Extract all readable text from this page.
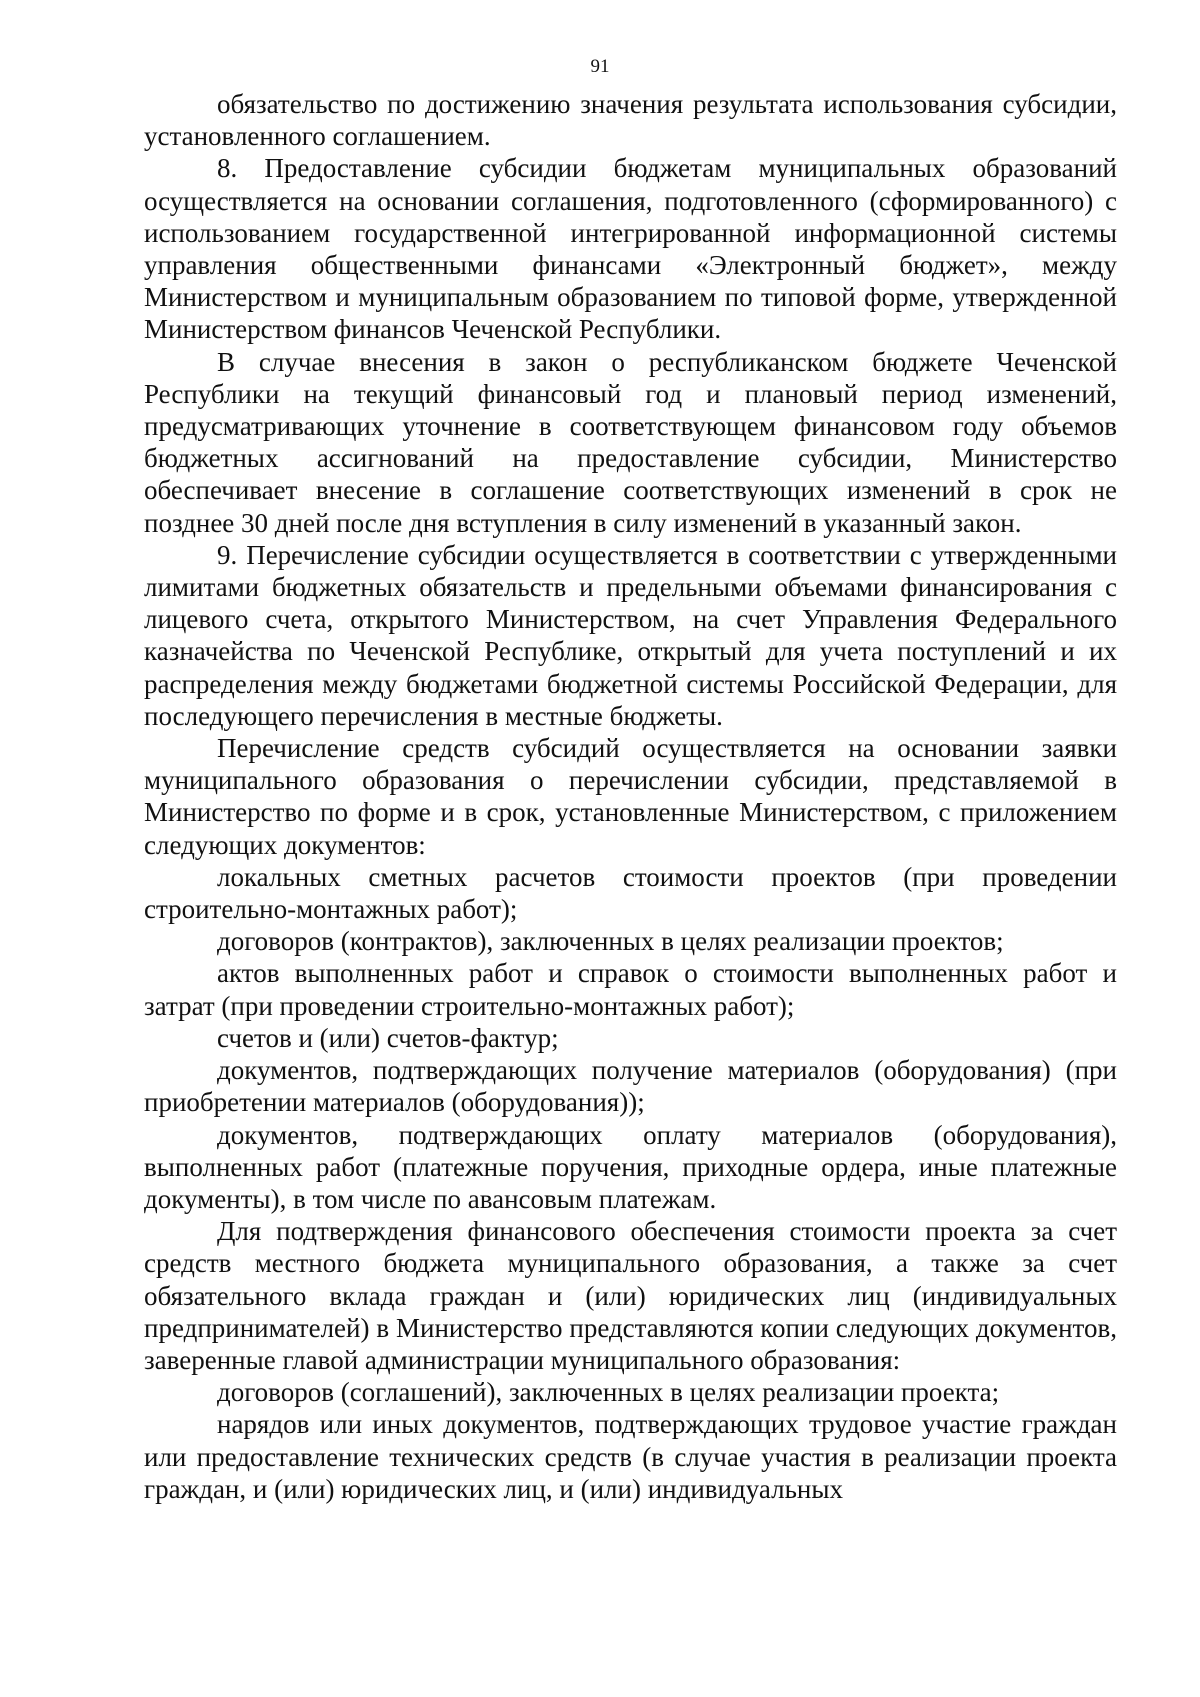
91

обязательство по достижению значения результата использования субсидии, установленного соглашением.

8. Предоставление субсидии бюджетам муниципальных образований осуществляется на основании соглашения, подготовленного (сформированного) с использованием государственной интегрированной информационной системы управления общественными финансами «Электронный бюджет», между Министерством и муниципальным образованием по типовой форме, утвержденной Министерством финансов Чеченской Республики.

В случае внесения в закон о республиканском бюджете Чеченской Республики на текущий финансовый год и плановый период изменений, предусматривающих уточнение в соответствующем финансовом году объемов бюджетных ассигнований на предоставление субсидии, Министерство обеспечивает внесение в соглашение соответствующих изменений в срок не позднее 30 дней после дня вступления в силу изменений в указанный закон.

9. Перечисление субсидии осуществляется в соответствии с утвержденными лимитами бюджетных обязательств и предельными объемами финансирования с лицевого счета, открытого Министерством, на счет Управления Федерального казначейства по Чеченской Республике, открытый для учета поступлений и их распределения между бюджетами бюджетной системы Российской Федерации, для последующего перечисления в местные бюджеты.

Перечисление средств субсидий осуществляется на основании заявки муниципального образования о перечислении субсидии, представляемой в Министерство по форме и в срок, установленные Министерством, с приложением следующих документов:

локальных сметных расчетов стоимости проектов (при проведении строительно-монтажных работ);

договоров (контрактов), заключенных в целях реализации проектов;

актов выполненных работ и справок о стоимости выполненных работ и затрат (при проведении строительно-монтажных работ);

счетов и (или) счетов-фактур;

документов, подтверждающих получение материалов (оборудования) (при приобретении материалов (оборудования));

документов, подтверждающих оплату материалов (оборудования), выполненных работ (платежные поручения, приходные ордера, иные платежные документы), в том числе по авансовым платежам.

Для подтверждения финансового обеспечения стоимости проекта за счет средств местного бюджета муниципального образования, а также за счет обязательного вклада граждан и (или) юридических лиц (индивидуальных предпринимателей) в Министерство представляются копии следующих документов, заверенные главой администрации муниципального образования:

договоров (соглашений), заключенных в целях реализации проекта;

нарядов или иных документов, подтверждающих трудовое участие граждан или предоставление технических средств (в случае участия в реализации проекта граждан, и (или) юридических лиц, и (или) индивидуальных
